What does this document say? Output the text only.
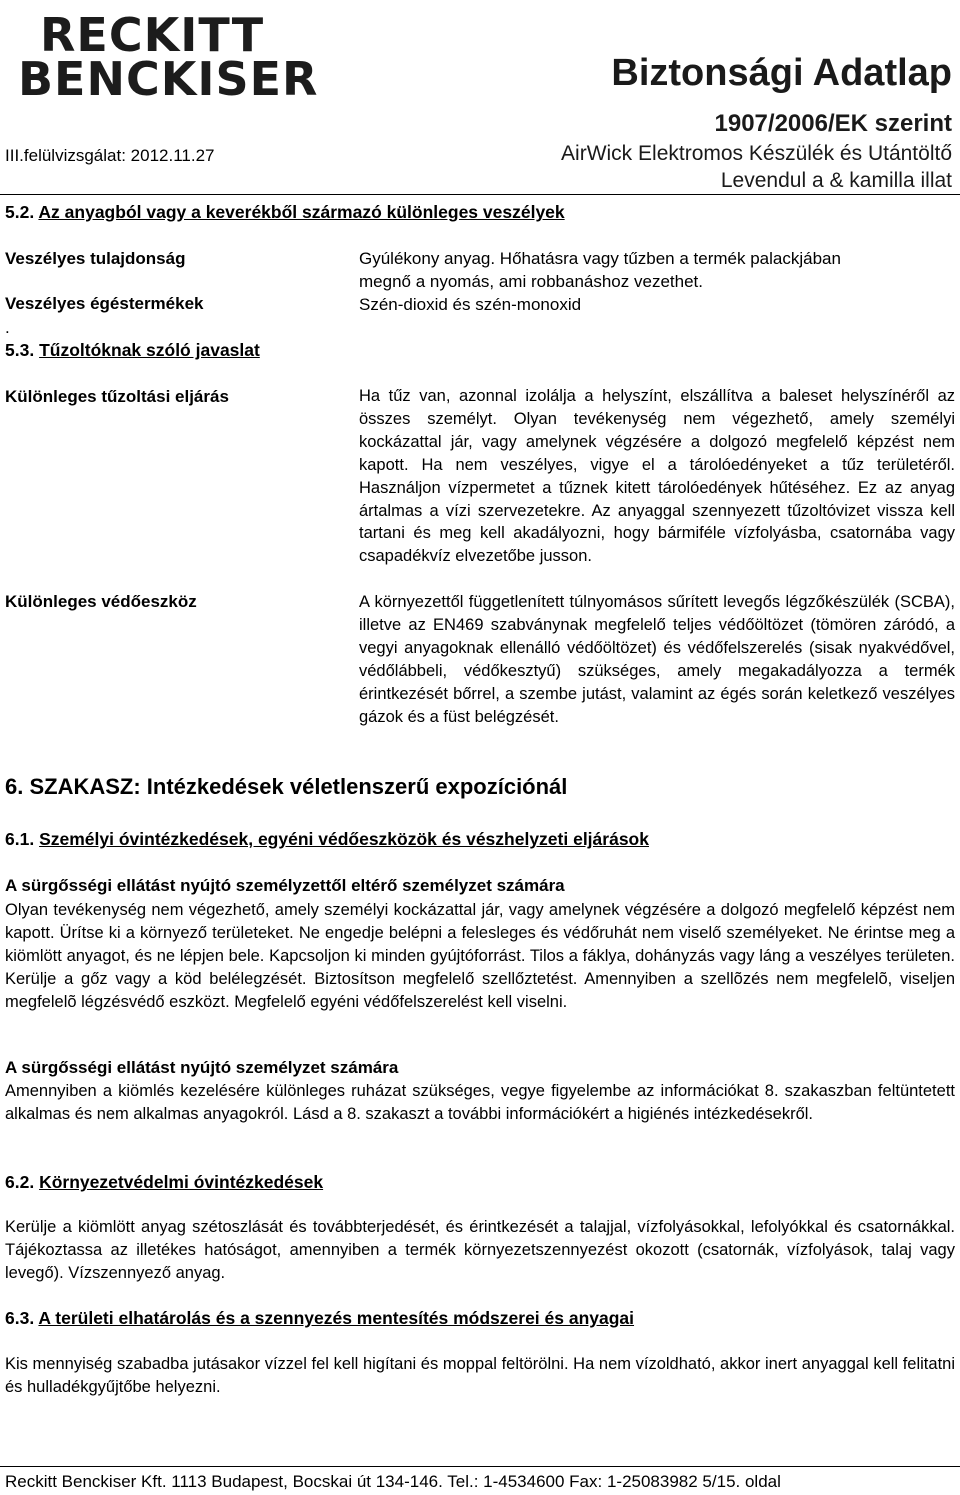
RECKITT
BENCKISER	Biztonsági Adatlap
1907/2006/EK szerint
III.felülvizsgálat: 2012.11.27	AirWick Elektromos Készülék és Utántöltő
Levendul a & kamilla illat
5.2. Az anyagból vagy a keverékből származó különleges veszélyek
Veszélyes tulajdonság	Gyúlékony anyag. Hőhatásra vagy tűzben a termék palackjában
megnő a nyomás, ami robbanáshoz vezethet.
Veszélyes égéstermékek	Szén-dioxid és szén-monoxid
.
5.3. Tűzoltóknak szóló javaslat
Különleges tűzoltási eljárás	Ha tűz van, azonnal izolálja a helyszínt, elszállítva a baleset helyszínéről az összes személyt. Olyan tevékenység nem végezhető, amely személyi kockázattal jár, vagy amelynek végzésére a dolgozó megfelelő képzést nem kapott. Ha nem veszélyes, vigye el a tárolóedényeket a tűz területéről. Használjon vízpermetet a tűznek kitett tárolóedények hűtéséhez. Ez az anyag ártalmas a vízi szervezetekre. Az anyaggal szennyezett tűzoltóvizet vissza kell tartani és meg kell akadályozni, hogy bármiféle vízfolyásba, csatornába vagy csapadékvíz elvezetőbe jusson.
Különleges védőeszköz	A környezettől függetlenített túlnyomásos sűrített levegős légzőkészülék (SCBA), illetve az EN469 szabványnak megfelelő teljes védőöltözet (tömören záródó, a vegyi anyagoknak ellenálló védőöltözet) és védőfelszerelés (sisak nyakvédővel, védőlábbeli, védőkesztyű) szükséges, amely megakadályozza a termék érintkezését bőrrel, a szembe jutást, valamint az égés során keletkező veszélyes gázok és a füst belégzését.
6. SZAKASZ: Intézkedések véletlenszerű expozíciónál
6.1. Személyi óvintézkedések, egyéni védőeszközök és vészhelyzeti eljárások
A sürgősségi ellátást nyújtó személyzettől eltérő személyzet számára
Olyan tevékenység nem végezhető, amely személyi kockázattal jár, vagy amelynek végzésére a dolgozó megfelelő képzést nem kapott. Ürítse ki a környező területeket. Ne engedje belépni a felesleges és védőruhát nem viselő személyeket. Ne érintse meg a kiömlött anyagot, és ne lépjen bele. Kapcsoljon ki minden gyújtóforrást. Tilos a fáklya, dohányzás vagy láng a veszélyes területen. Kerülje a gőz vagy a köd belélegzését. Biztosítson megfelelő szellőztetést. Amennyiben a szellõzés nem megfelelõ, viseljen megfelelõ légzésvédő eszközt. Megfelelő egyéni védőfelszerelést kell viselni.
A sürgősségi ellátást nyújtó személyzet számára
Amennyiben a kiömlés kezelésére különleges ruházat szükséges, vegye figyelembe az információkat 8. szakaszban feltüntetett alkalmas és nem alkalmas anyagokról. Lásd a 8. szakaszt a további információkért a higiénés intézkedésekről.
6.2. Környezetvédelmi óvintézkedések
Kerülje a kiömlött anyag szétoszlását és továbbterjedését, és érintkezését a talajjal, vízfolyásokkal, lefolyókkal és csatornákkal. Tájékoztassa az illetékes hatóságot, amennyiben a termék környezetszennyezést okozott (csatornák, vízfolyások, talaj vagy levegő). Vízszennyező anyag.
6.3. A területi elhatárolás és a szennyezés mentesítés módszerei és anyagai
Kis mennyiség szabadba jutásakor vízzel fel kell higítani és moppal feltörölni. Ha nem vízoldható, akkor inert anyaggal kell felitatni és hulladékgyűjtőbe helyezni.
Reckitt Benckiser Kft. 1113 Budapest, Bocskai út 134-146. Tel.: 1-4534600 Fax: 1-25083982 5/15. oldal
